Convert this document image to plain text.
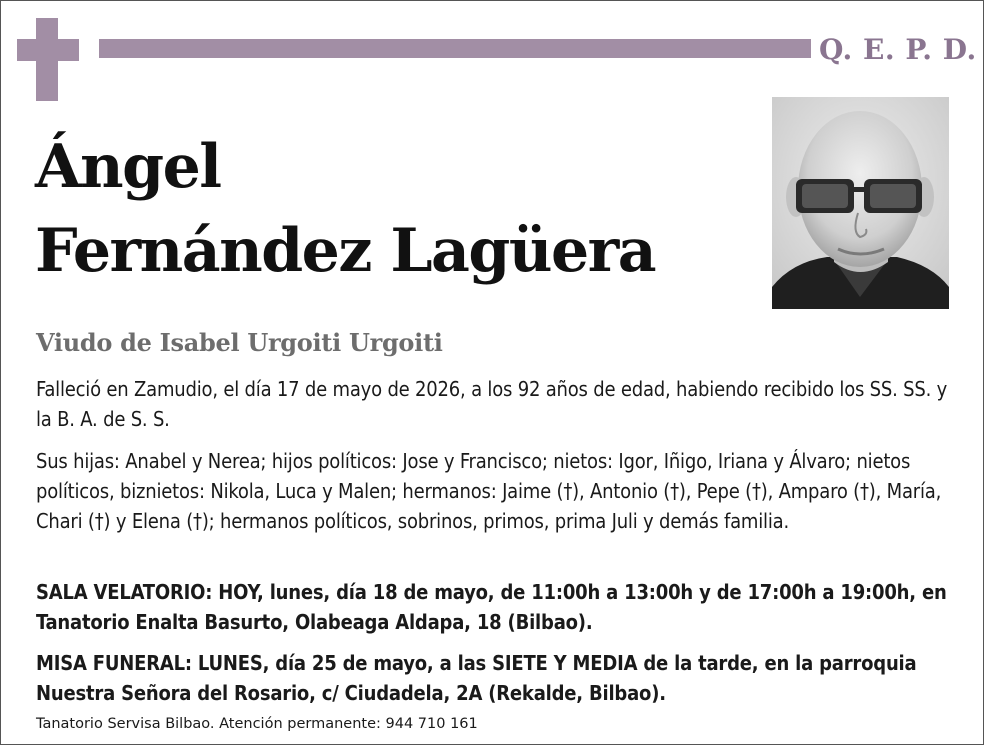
Q. E. P. D.
Ángel
Fernández Lagüera
Viudo de Isabel Urgoiti Urgoiti
Falleció en Zamudio, el día 17 de mayo de 2026, a los 92 años de edad, habiendo recibido los SS. SS. y la B. A. de S. S.
Sus hijas: Anabel y Nerea; hijos políticos: Jose y Francisco; nietos: Igor, Iñigo, Iriana y Álvaro; nietos políticos, biznietos: Nikola, Luca y Malen; hermanos: Jaime (†), Antonio (†), Pepe (†), Amparo (†), María, Chari (†) y Elena (†); hermanos políticos, sobrinos, primos, prima Juli y demás familia.
SALA VELATORIO: HOY, lunes, día 18 de mayo, de 11:00h a 13:00h y de 17:00h a 19:00h, en Tanatorio Enalta Basurto, Olabeaga Aldapa, 18 (Bilbao).
MISA FUNERAL: LUNES, día 25 de mayo, a las SIETE Y MEDIA de la tarde, en la parroquia Nuestra Señora del Rosario, c/ Ciudadela, 2A (Rekalde, Bilbao).
Tanatorio Servisa Bilbao. Atención permanente: 944 710 161
